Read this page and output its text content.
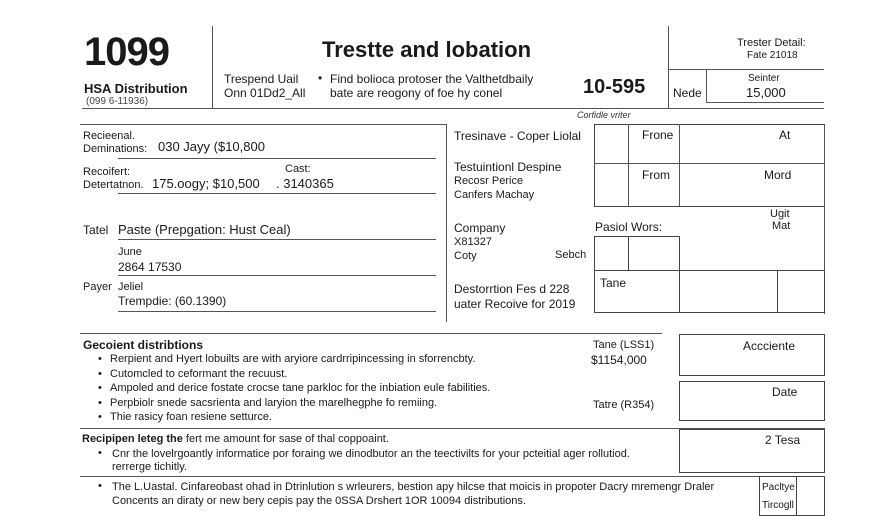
1099
HSA Distribution
(099 6-11936)
Trestte and lobation
Trespend Uail
Onn 01Dd2_All
• Find bolioca protoser the Valthetdbaily
bate are reogony of foe hy conel	10-595
Trester Detail:
Fate 21018
Nede
Seinter
15,000
Corfidle vriter
Recieenal.
Deminations: 030 Jayy ($10,800
Recoifert:
Detertatnon. 175.oogy; $10,500
Cast:
. 3140365
Tatel Paste (Prepgation: Hust Ceal)
June
2864 17530
Payer Jeliel
Trempdie: (60.1390)
Tresinave - Coper Liolal
Testuintionl Despine
Recosr Perice
Canfers Machay
Company
X81327
Coty	Sebch
Destorrtion Fes d 228
uater Recoive for 2019
Frone	At
From	Mord
Ugit
Mat
Pasiol Wors:
Tane
Gecoient distribtions
• Rerpient and Hyert lobuilts are with aryiore cardrripincessing in sforrencbty.
• Cutomcled to ceformant the recuust.
• Ampoled and derice fostate crocse tane parkloc for the inbiation eule fabilities.
• Perpbiolr snede sacsrienta and laryion the marelhegphe fo remiing.
• Thie rasicy foan resiene setturce.
Tane (LSS1)
$1154,000
Tatre (R354)
Accciente
Date
Recipipen leteg the fert me amount for sase of thal coppoaint.
• Cnr the lovelrgoantly informatice por foraing we dinodbutor an the teectivilts for your pcteitial ager rollutiod.
rerrerge tichitly.
2 Tesa
• The L.Uastal. Cinfareobast ohad in Dtrinlution s wrleurers, bestion apy hilcse that moicis in propoter Dacry mremengr Draler
Concents an diraty or new bery cepis pay the 0SSA Drshert 1OR 10094 distributions.
Pacltye
Tircogll
